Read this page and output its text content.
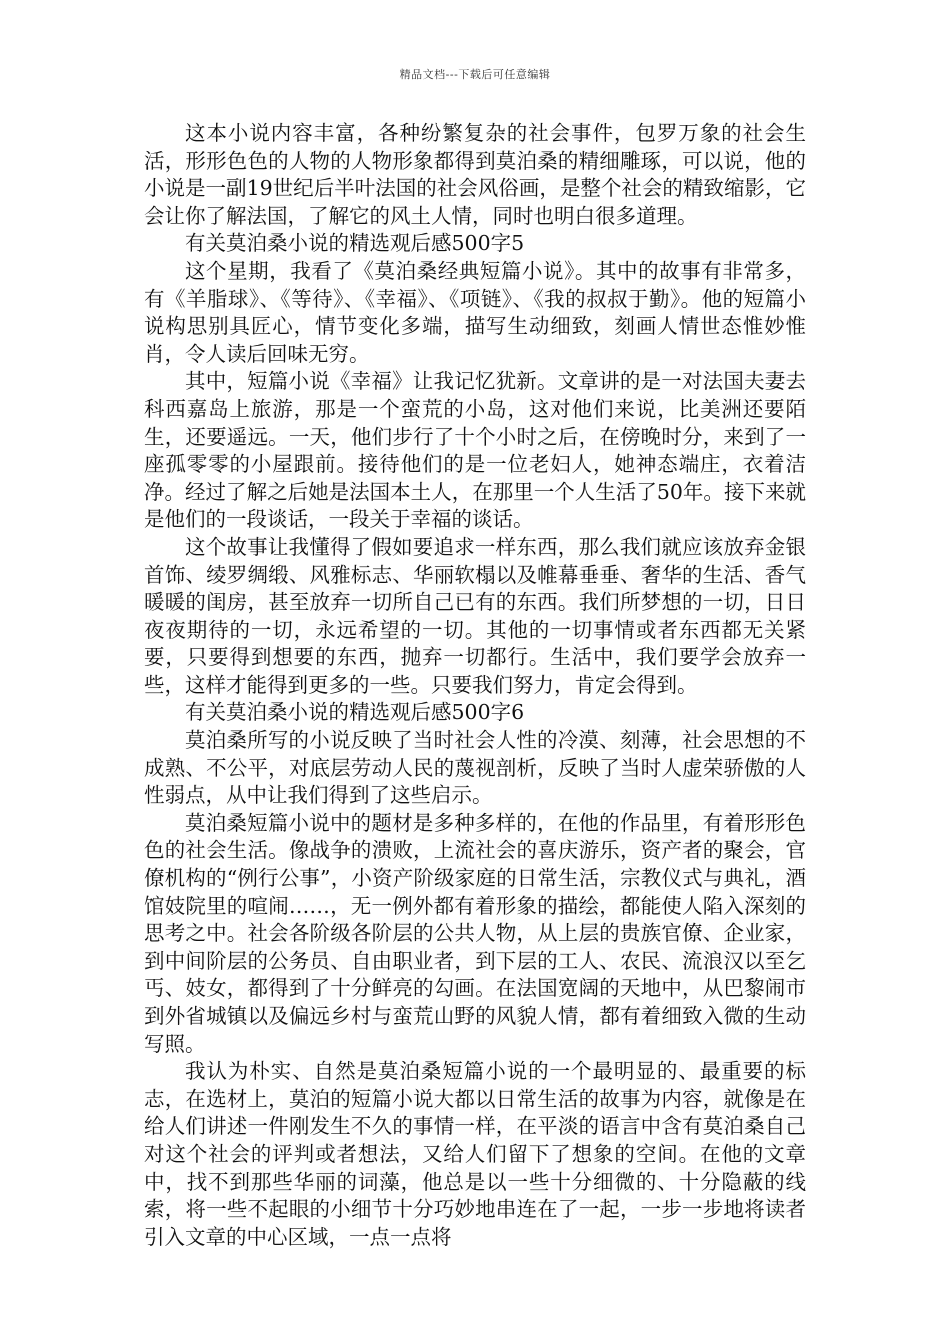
精品文档---下载后可任意编辑

这本小说内容丰富，各种纷繁复杂的社会事件，包罗万象的社会生活，形形色色的人物的人物形象都得到莫泊桑的精细雕琢，可以说，他的小说是一副19世纪后半叶法国的社会风俗画，是整个社会的精致缩影，它会让你了解法国，了解它的风土人情，同时也明白很多道理。

有关莫泊桑小说的精选观后感500字5

这个星期，我看了《莫泊桑经典短篇小说》。其中的故事有非常多，有《羊脂球》、《等待》、《幸福》、《项链》、《我的叔叔于勤》。他的短篇小说构思别具匠心，情节变化多端，描写生动细致，刻画人情世态惟妙惟肖，令人读后回味无穷。

其中，短篇小说《幸福》让我记忆犹新。文章讲的是一对法国夫妻去科西嘉岛上旅游，那是一个蛮荒的小岛，这对他们来说，比美洲还要陌生，还要遥远。一天，他们步行了十个小时之后，在傍晚时分，来到了一座孤零零的小屋跟前。接待他们的是一位老妇人，她神态端庄，衣着洁净。经过了解之后她是法国本土人，在那里一个人生活了50年。接下来就是他们的一段谈话，一段关于幸福的谈话。

这个故事让我懂得了假如要追求一样东西，那么我们就应该放弃金银首饰、绫罗绸缎、风雅标志、华丽软榻以及帷幕垂垂、奢华的生活、香气暖暖的闺房，甚至放弃一切所自己已有的东西。我们所梦想的一切，日日夜夜期待的一切，永远希望的一切。其他的一切事情或者东西都无关紧要，只要得到想要的东西，抛弃一切都行。生活中，我们要学会放弃一些，这样才能得到更多的一些。只要我们努力，肯定会得到。

有关莫泊桑小说的精选观后感500字6

莫泊桑所写的小说反映了当时社会人性的冷漠、刻薄，社会思想的不成熟、不公平，对底层劳动人民的蔑视剖析，反映了当时人虚荣骄傲的人性弱点，从中让我们得到了这些启示。

莫泊桑短篇小说中的题材是多种多样的，在他的作品里，有着形形色色的社会生活。像战争的溃败，上流社会的喜庆游乐，资产者的聚会，官僚机构的“例行公事”，小资产阶级家庭的日常生活，宗教仪式与典礼，酒馆妓院里的喧闹……，无一例外都有着形象的描绘，都能使人陷入深刻的思考之中。社会各阶级各阶层的公共人物，从上层的贵族官僚、企业家，到中间阶层的公务员、自由职业者，到下层的工人、农民、流浪汉以至乞丐、妓女，都得到了十分鲜亮的勾画。在法国宽阔的天地中，从巴黎闹市到外省城镇以及偏远乡村与蛮荒山野的风貌人情，都有着细致入微的生动写照。

我认为朴实、自然是莫泊桑短篇小说的一个最明显的、最重要的标志，在选材上，莫泊的短篇小说大都以日常生活的故事为内容，就像是在给人们讲述一件刚发生不久的事情一样，在平淡的语言中含有莫泊桑自己对这个社会的评判或者想法，又给人们留下了想象的空间。在他的文章中，找不到那些华丽的词藻，他总是以一些十分细微的、十分隐蔽的线索，将一些不起眼的小细节十分巧妙地串连在了一起，一步一步地将读者引入文章的中心区域，一点一点将
